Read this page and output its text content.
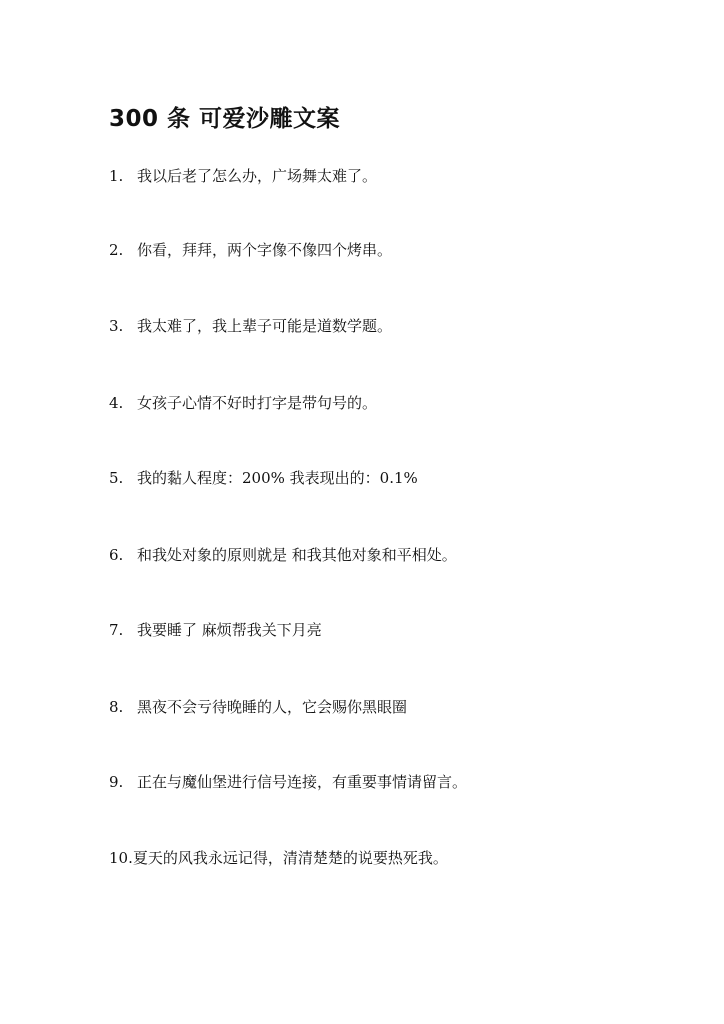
300 条 可爱沙雕文案
1. 我以后老了怎么办，广场舞太难了。
2. 你看，拜拜，两个字像不像四个烤串。
3. 我太难了，我上辈子可能是道数学题。
4. 女孩子心情不好时打字是带句号的。
5. 我的黏人程度：200% 我表现出的：0.1%
6. 和我处对象的原则就是 和我其他对象和平相处。
7. 我要睡了 麻烦帮我关下月亮
8. 黑夜不会亏待晚睡的人，它会赐你黑眼圈
9. 正在与魔仙堡进行信号连接，有重要事情请留言。
10.夏天的风我永远记得，清清楚楚的说要热死我。
